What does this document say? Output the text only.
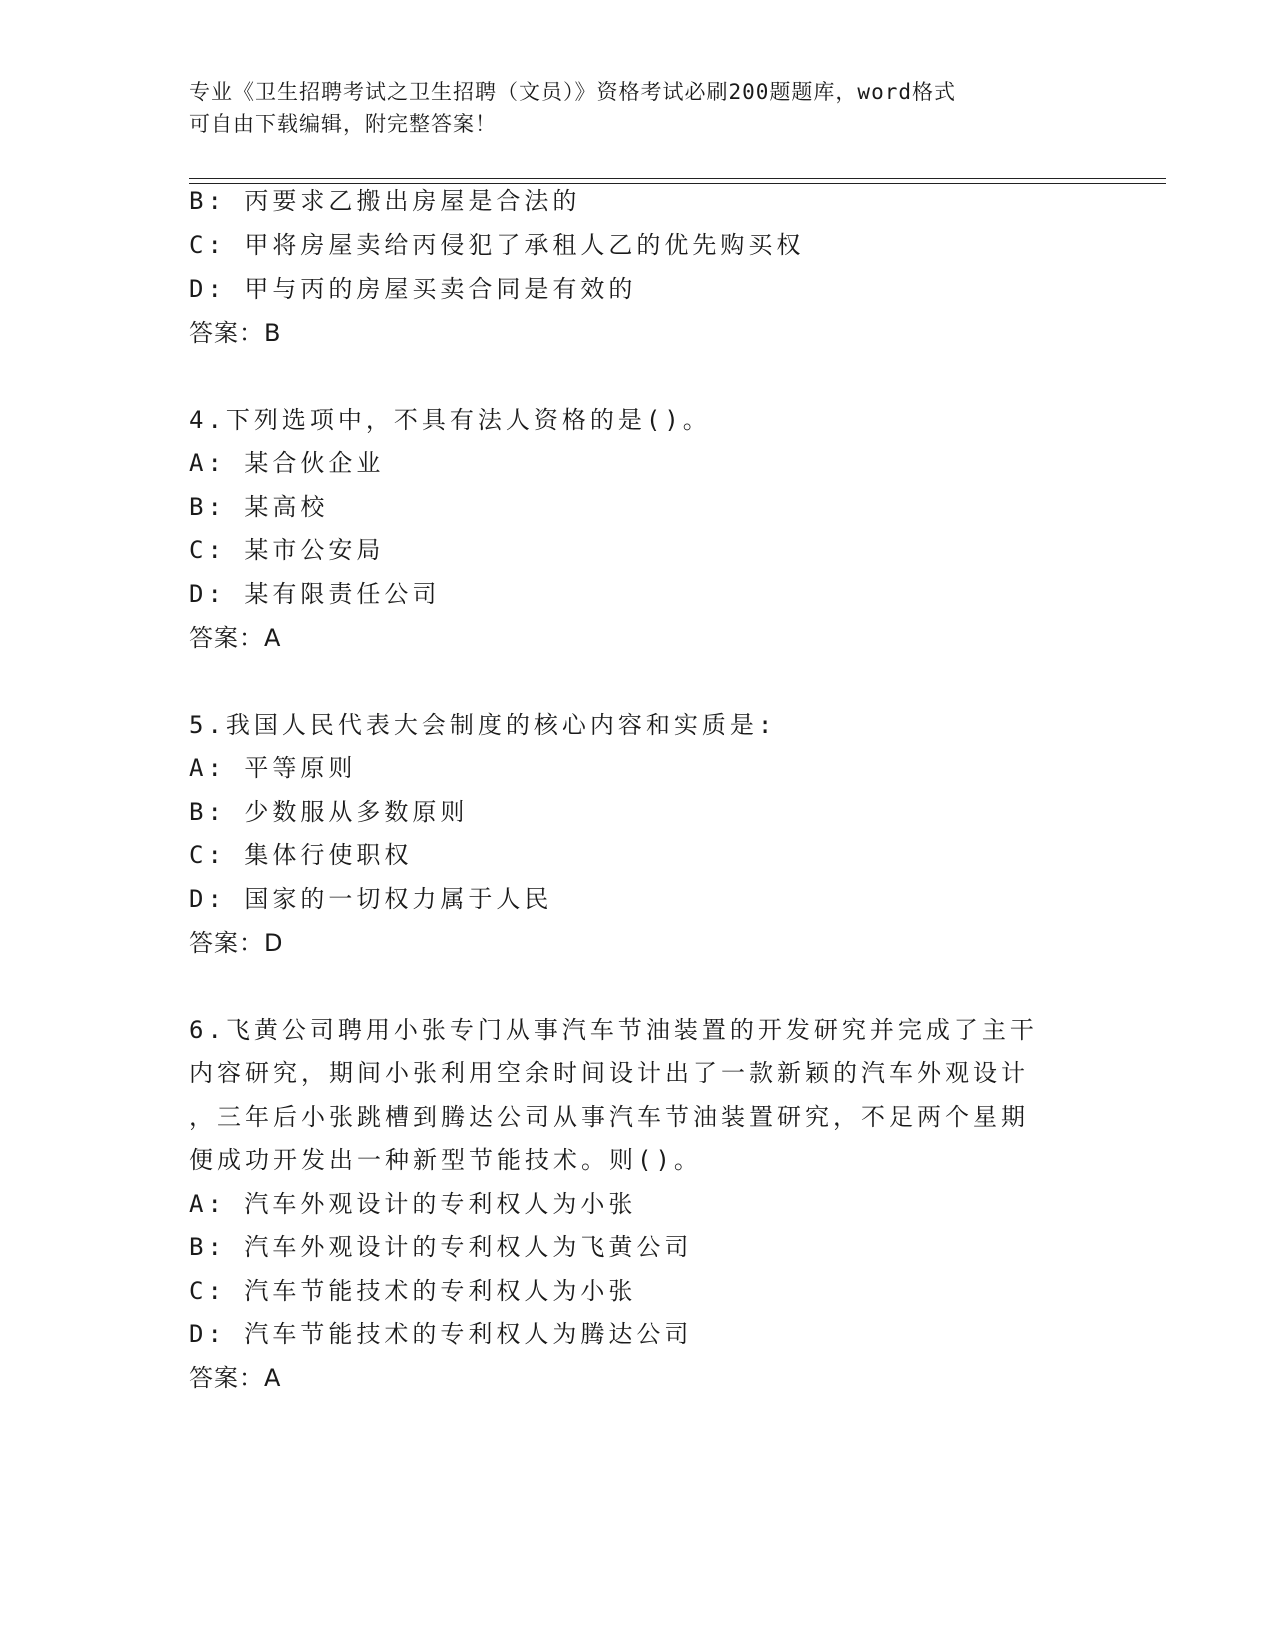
专业《卫生招聘考试之卫生招聘（文员）》资格考试必刷200题题库，word格式
可自由下载编辑，附完整答案！
B: 丙要求乙搬出房屋是合法的
C: 甲将房屋卖给丙侵犯了承租人乙的优先购买权
D: 甲与丙的房屋买卖合同是有效的
答案：B
4.下列选项中，不具有法人资格的是()。
A: 某合伙企业
B: 某高校
C: 某市公安局
D: 某有限责任公司
答案：A
5.我国人民代表大会制度的核心内容和实质是:
A: 平等原则
B: 少数服从多数原则
C: 集体行使职权
D: 国家的一切权力属于人民
答案：D
6.飞黄公司聘用小张专门从事汽车节油装置的开发研究并完成了主干
内容研究，期间小张利用空余时间设计出了一款新颖的汽车外观设计
，三年后小张跳槽到腾达公司从事汽车节油装置研究，不足两个星期
便成功开发出一种新型节能技术。则()。
A: 汽车外观设计的专利权人为小张
B: 汽车外观设计的专利权人为飞黄公司
C: 汽车节能技术的专利权人为小张
D: 汽车节能技术的专利权人为腾达公司
答案：A
